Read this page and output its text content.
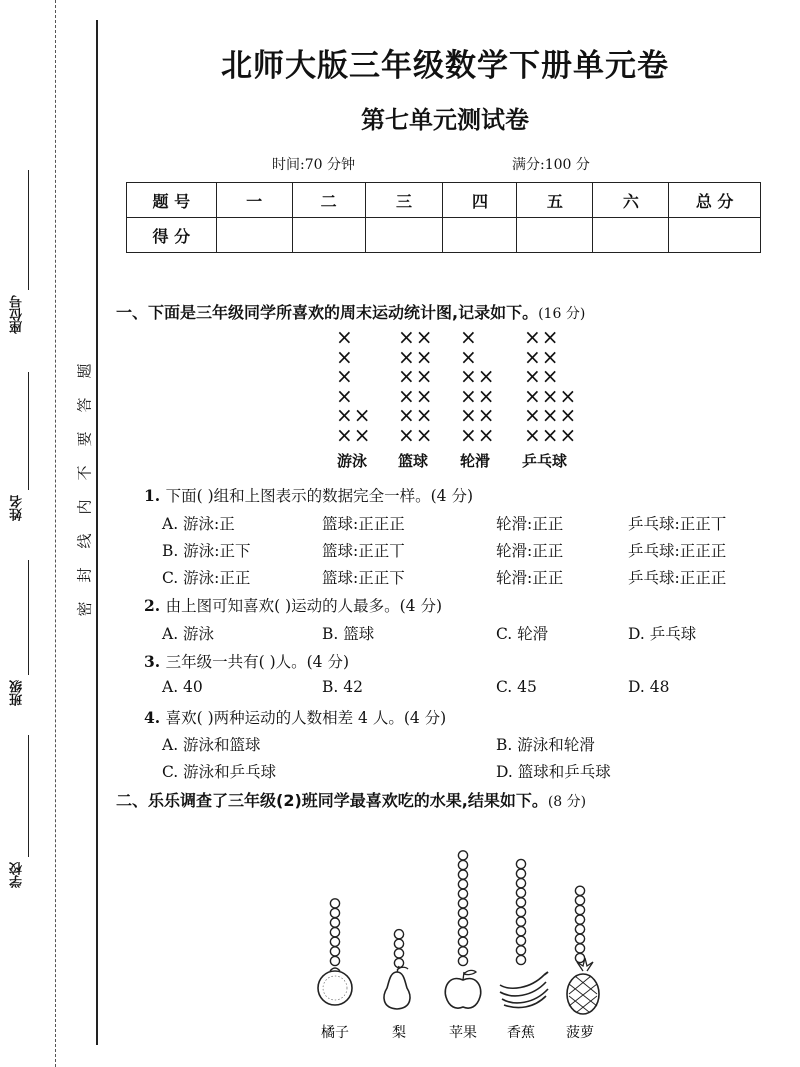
座位号
姓名
班级
学校
题
答
要
不
内
线
封
密
北师大版三年级数学下册单元卷
第七单元测试卷
时间:70 分钟	满分:100 分
题 号	一	二	三	四	五	六	总 分
得 分							
一、下面是三年级同学所喜欢的周末运动统计图,记录如下。(16 分)
××
××
×
×
×
×
××
××
××
××
××
××
××
××
××
××
×
×
×××
×××
×××
××
××
××
游泳 篮球 轮滑 乒乓球
1. 下面( )组和上图表示的数据完全一样。(4 分)
A. 游泳:正	篮球:正正正	轮滑:正正	乒乓球:正正丅
B. 游泳:正下	篮球:正正丅	轮滑:正正	乒乓球:正正正
C. 游泳:正正	篮球:正正下	轮滑:正正	乒乓球:正正正
2. 由上图可知喜欢( )运动的人最多。(4 分)
A. 游泳	B. 篮球	C. 轮滑	D. 乒乓球
3. 三年级一共有( )人。(4 分)
A. 40	B. 42	C. 45	D. 48
4. 喜欢( )两种运动的人数相差 4 人。(4 分)
A. 游泳和篮球	B. 游泳和轮滑
C. 游泳和乒乓球	D. 篮球和乒乓球
二、乐乐调查了三年级(2)班同学最喜欢吃的水果,结果如下。(8 分)
橘子	梨	苹果 香蕉 菠萝
